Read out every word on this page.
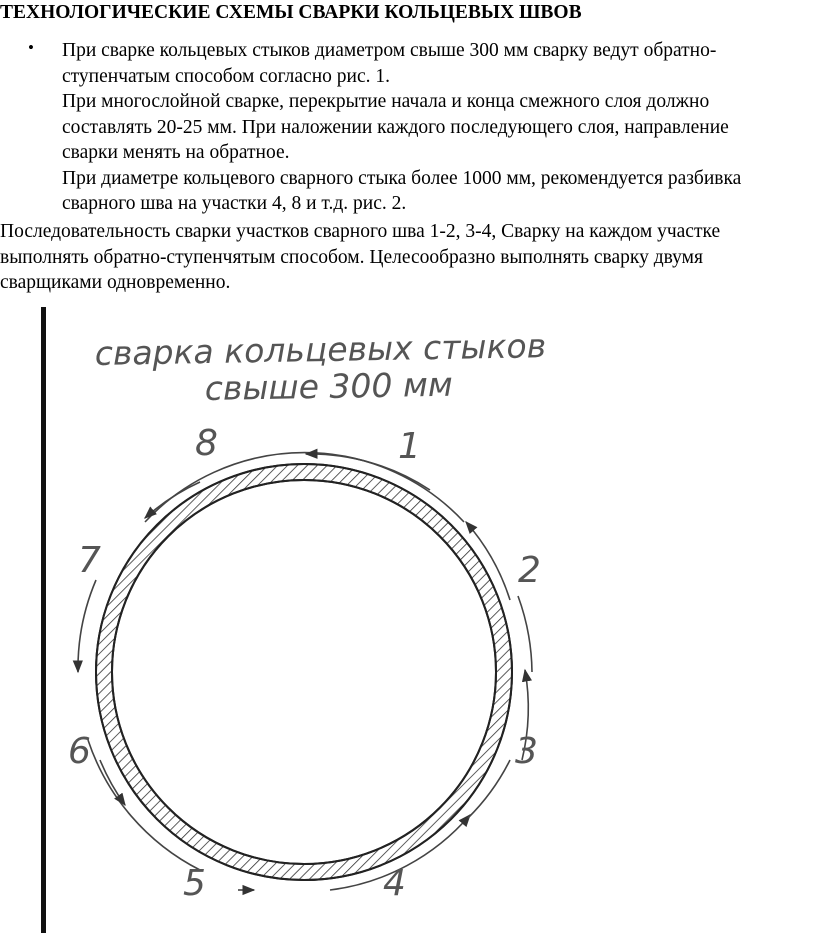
ТЕХНОЛОГИЧЕСКИЕ СХЕМЫ СВАРКИ КОЛЬЦЕВЫХ ШВОВ
• При сварке кольцевых стыков диаметром свыше 300 мм сварку ведут обратно-
ступенчатым способом согласно рис. 1.
При многослойной сварке, перекрытие начала и конца смежного слоя должно
составлять 20-25 мм. При наложении каждого последующего слоя, направление
сварки менять на обратное.
При диаметре кольцевого сварного стыка более 1000 мм, рекомендуется разбивка
сварного шва на участки 4, 8 и т.д. рис. 2.
Последовательность сварки участков сварного шва 1-2, 3-4, Сварку на каждом участке
выполнять обратно-ступенчятым способом. Целесообразно выполнять сварку двумя
сварщиками одновременно.
сварка кольцевых стыков
свыше 300 мм
1
2
3
4
5
6
7
8
